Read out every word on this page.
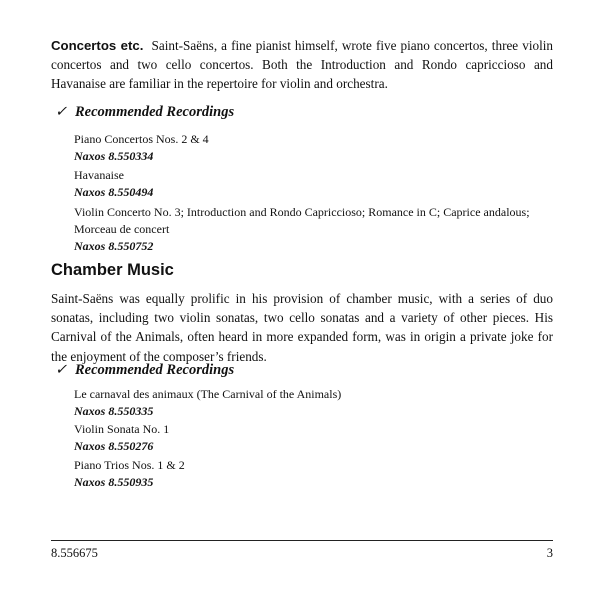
Concertos etc. Saint-Saëns, a fine pianist himself, wrote five piano concertos, three violin concertos and two cello concertos. Both the Introduction and Rondo capriccioso and Havanaise are familiar in the repertoire for violin and orchestra.

✓ Recommended Recordings
Piano Concertos Nos. 2 & 4
Naxos 8.550334
Havanaise
Naxos 8.550494
Violin Concerto No. 3; Introduction and Rondo Capriccioso; Romance in C; Caprice andalous; Morceau de concert
Naxos 8.550752
Chamber Music

Saint-Saëns was equally prolific in his provision of chamber music, with a series of duo sonatas, including two violin sonatas, two cello sonatas and a variety of other pieces. His Carnival of the Animals, often heard in more expanded form, was in origin a private joke for the enjoyment of the composer’s friends.

✓ Recommended Recordings
Le carnaval des animaux (The Carnival of the Animals)
Naxos 8.550335
Violin Sonata No. 1
Naxos 8.550276
Piano Trios Nos. 1 & 2
Naxos 8.550935
8.556675	3
